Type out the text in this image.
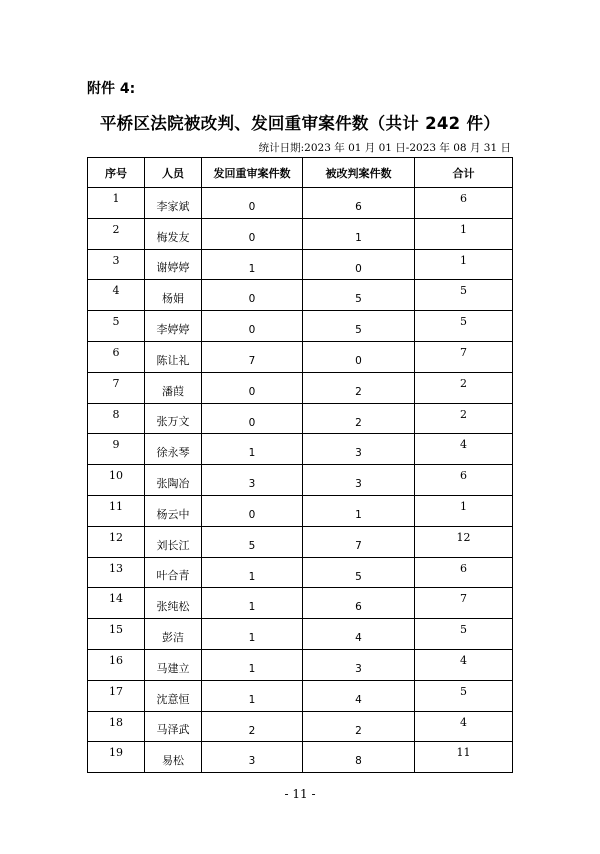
附件 4:
平桥区法院被改判、发回重审案件数（共计 242 件）
统计日期:2023 年 01 月 01 日-2023 年 08 月 31 日
序号	人员	发回重审案件数	被改判案件数	合计

1	李家斌	0	6	6

2	梅发友	0	1	1

3	谢婷婷	1	0	1

4	杨娟	0	5	5

5	李婷婷	0	5	5

6	陈让礼	7	0	7

7	潘葭	0	2	2

8	张万文	0	2	2

9	徐永琴	1	3	4

10	张陶冶	3	3	6

11	杨云中	0	1	1

12	刘长江	5	7	12

13	叶合青	1	5	6

14	张纯松	1	6	7

15	彭洁	1	4	5

16	马建立	1	3	4

17	沈意恒	1	4	5

18	马泽武	2	2	4

19	易松	3	8	11
- 11 -
